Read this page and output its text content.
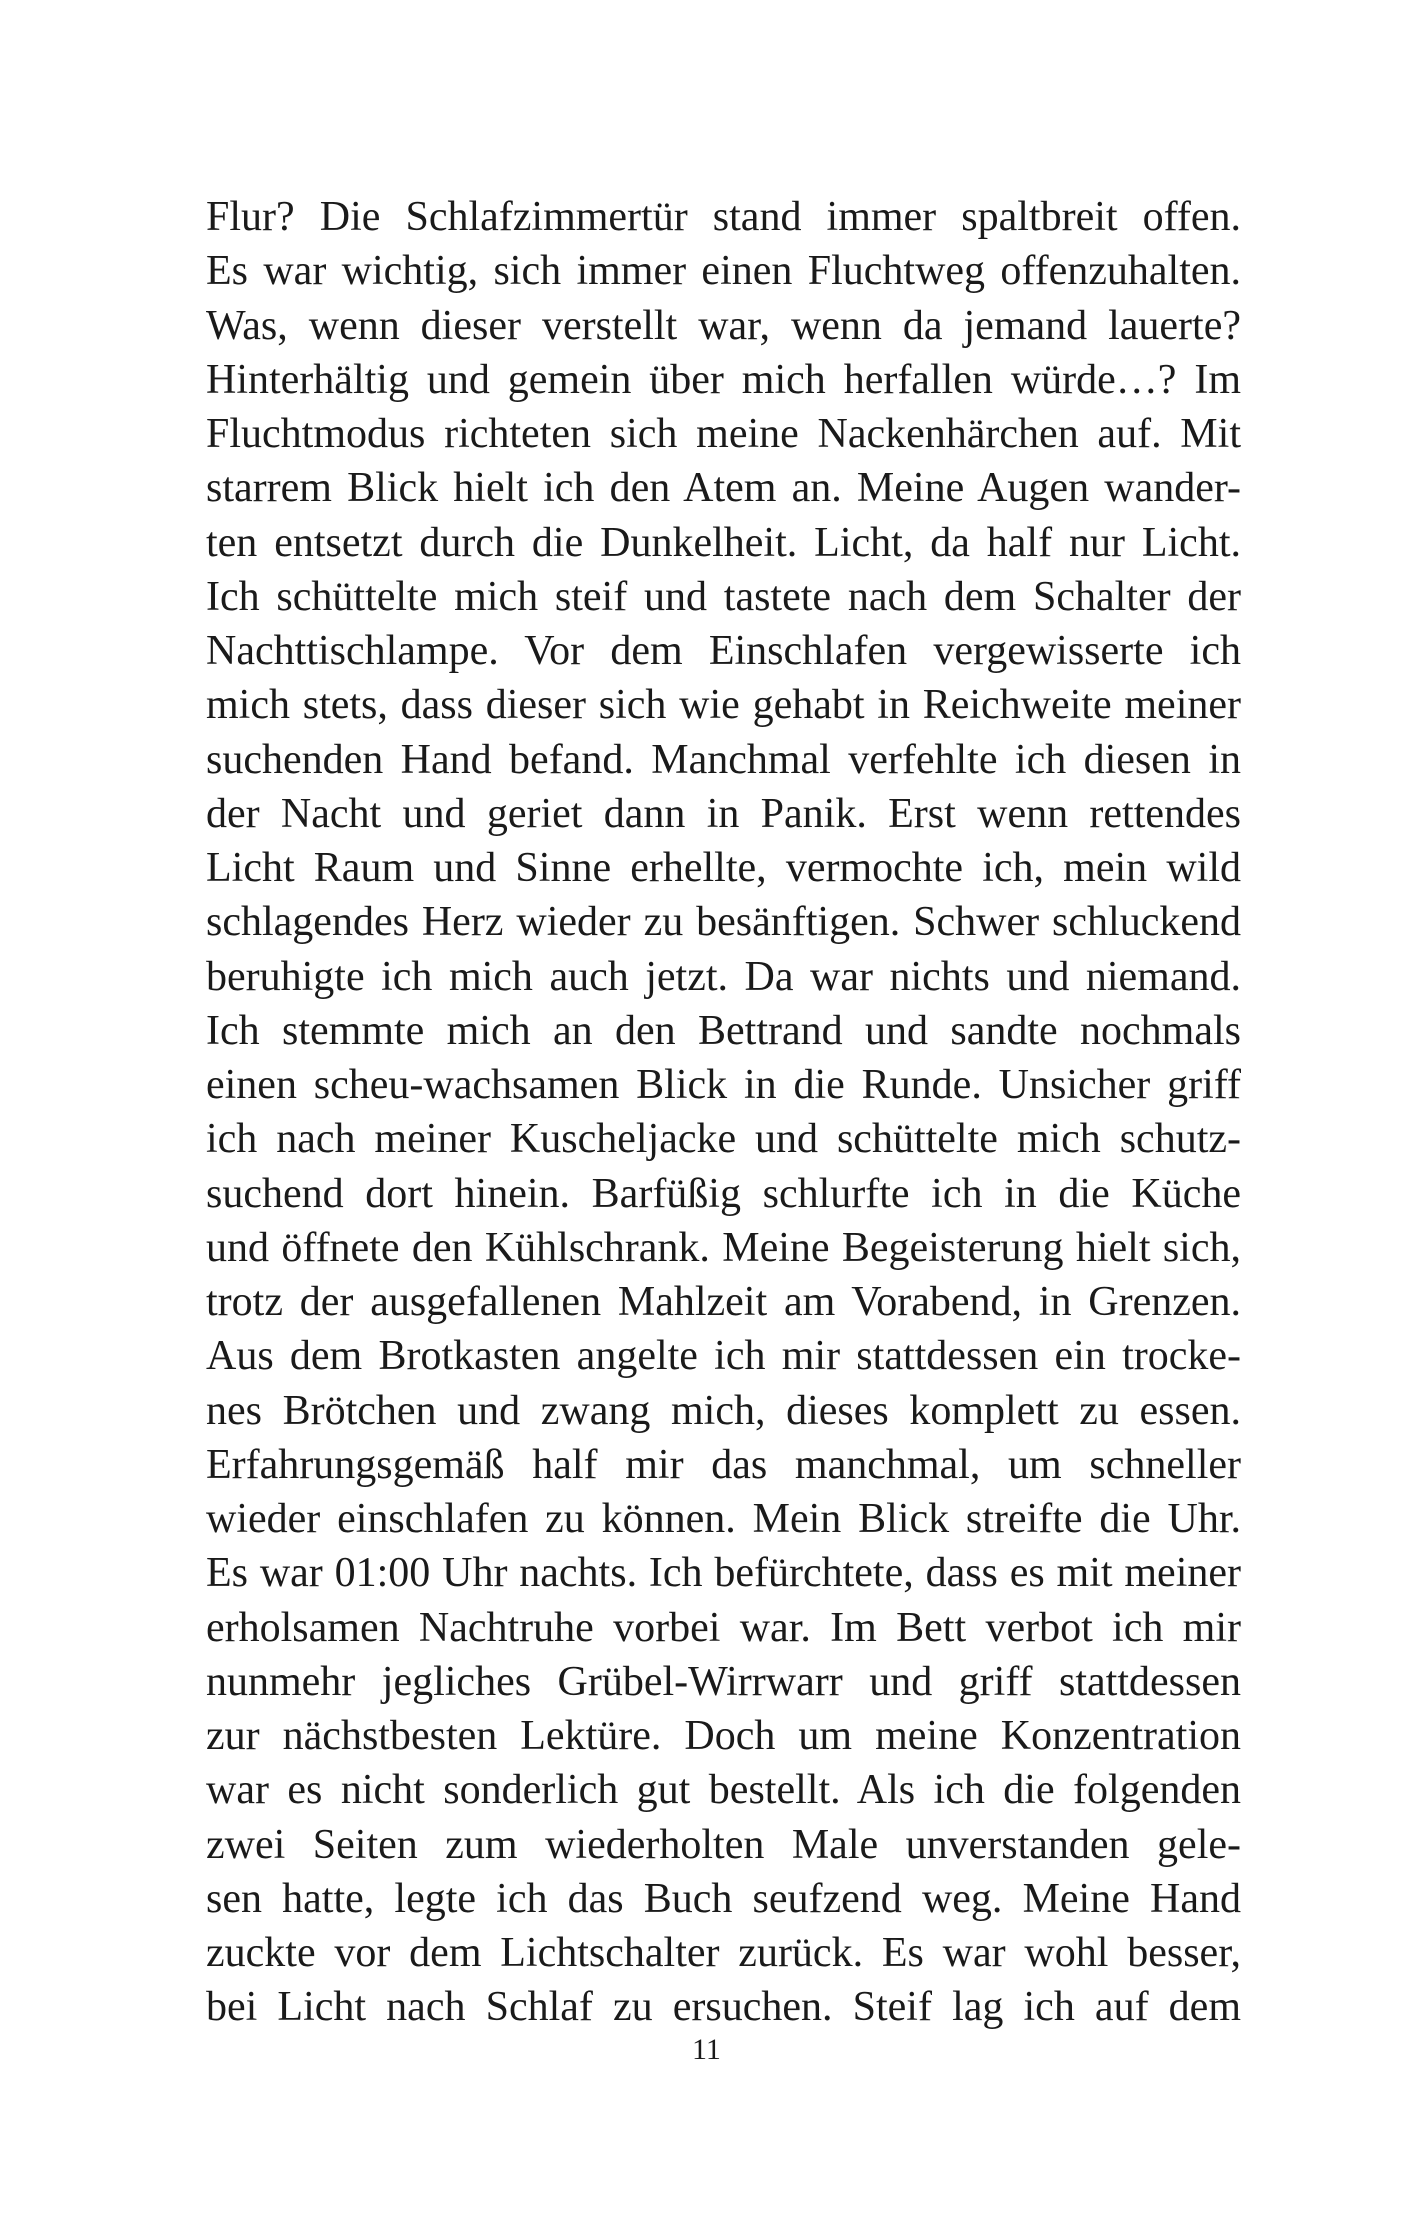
Flur? Die Schlafzimmertür stand immer spaltbreit offen.
Es war wichtig, sich immer einen Fluchtweg offenzuhalten.
Was, wenn dieser verstellt war, wenn da jemand lauerte?
Hinterhältig und gemein über mich herfallen würde…? Im
Fluchtmodus richteten sich meine Nackenhärchen auf. Mit
starrem Blick hielt ich den Atem an. Meine Augen wander-
ten entsetzt durch die Dunkelheit. Licht, da half nur Licht.
Ich schüttelte mich steif und tastete nach dem Schalter der
Nachttischlampe. Vor dem Einschlafen vergewisserte ich
mich stets, dass dieser sich wie gehabt in Reichweite meiner
suchenden Hand befand. Manchmal verfehlte ich diesen in
der Nacht und geriet dann in Panik. Erst wenn rettendes
Licht Raum und Sinne erhellte, vermochte ich, mein wild
schlagendes Herz wieder zu besänftigen. Schwer schluckend
beruhigte ich mich auch jetzt. Da war nichts und niemand.
Ich stemmte mich an den Bettrand und sandte nochmals
einen scheu-wachsamen Blick in die Runde. Unsicher griff
ich nach meiner Kuscheljacke und schüttelte mich schutz-
suchend dort hinein. Barfüßig schlurfte ich in die Küche
und öffnete den Kühlschrank. Meine Begeisterung hielt sich,
trotz der ausgefallenen Mahlzeit am Vorabend, in Grenzen.
Aus dem Brotkasten angelte ich mir stattdessen ein trocke-
nes Brötchen und zwang mich, dieses komplett zu essen.
Erfahrungsgemäß half mir das manchmal, um schneller
wieder einschlafen zu können. Mein Blick streifte die Uhr.
Es war 01:00 Uhr nachts. Ich befürchtete, dass es mit meiner
erholsamen Nachtruhe vorbei war. Im Bett verbot ich mir
nunmehr jegliches Grübel-Wirrwarr und griff stattdessen
zur nächstbesten Lektüre. Doch um meine Konzentration
war es nicht sonderlich gut bestellt. Als ich die folgenden
zwei Seiten zum wiederholten Male unverstanden gele-
sen hatte, legte ich das Buch seufzend weg. Meine Hand
zuckte vor dem Lichtschalter zurück. Es war wohl besser,
bei Licht nach Schlaf zu ersuchen. Steif lag ich auf dem
11
